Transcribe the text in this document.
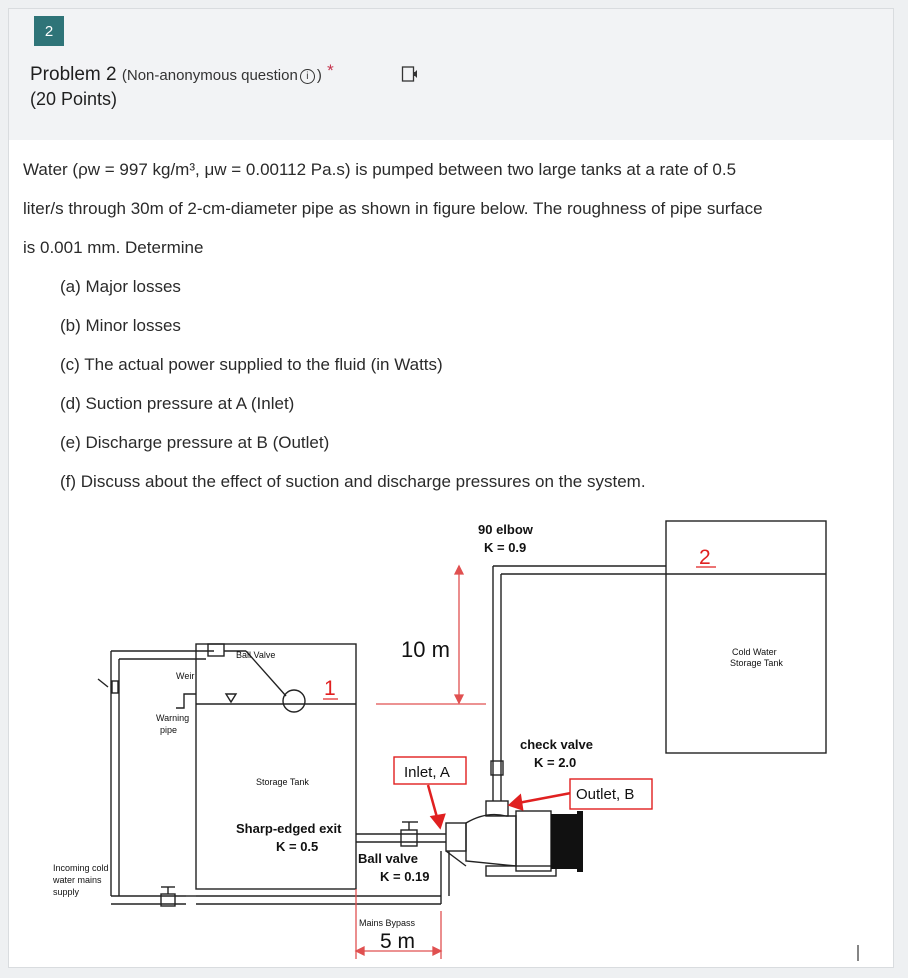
2
Problem 2 (Non-anonymous question i ) *
(20 Points)

Water (ρw = 997 kg/m³, μw = 0.00112 Pa.s) is pumped between two large tanks at a rate of 0.5

liter/s through 30m of 2-cm-diameter pipe as shown in figure below. The roughness of pipe surface

is 0.001 mm. Determine

(a) Major losses
(b) Minor losses
(c) The actual power supplied to the fluid (in Watts)
(d) Suction pressure at A (Inlet)
(e) Discharge pressure at B (Outlet)
(f) Discuss about the effect of suction and discharge pressures on the system.
90 elbow
K = 0.9	2
10 m
Ball Valve
Weir
1
Warning
pipe
Storage Tank
Cold Water
Storage Tank
check valve
K = 2.0
Inlet, A
Outlet, B
Sharp-edged exit
K = 0.5
Ball valve
K = 0.19
Incoming cold
water mains
supply
Mains Bypass
5 m
